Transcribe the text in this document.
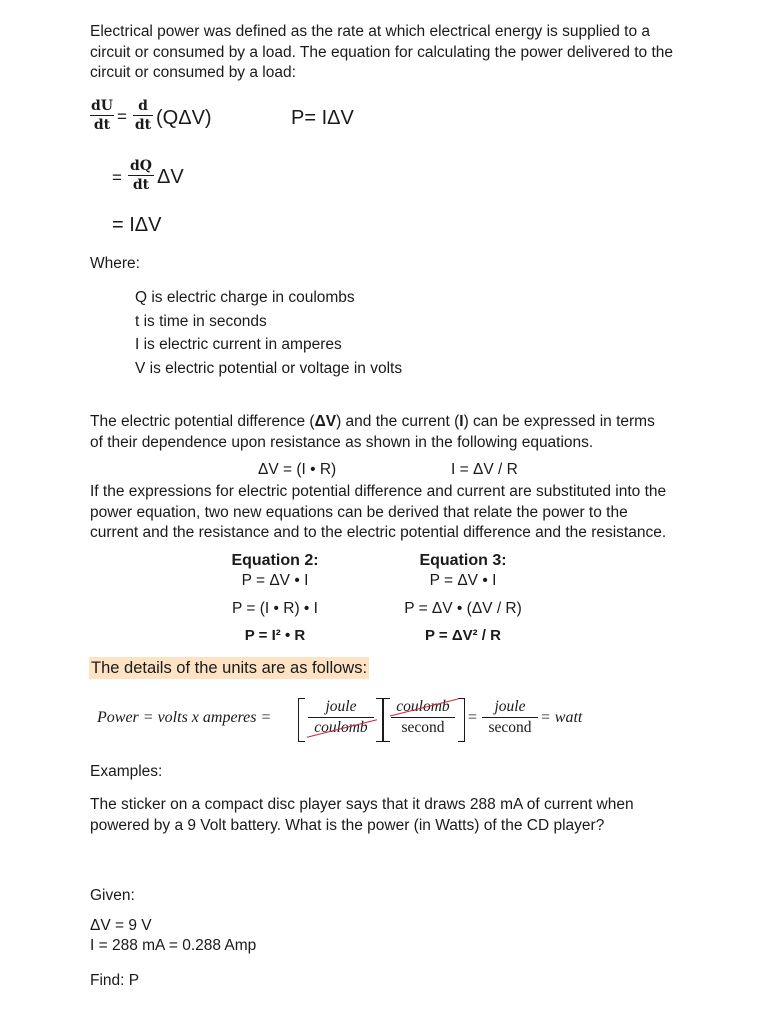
Electrical power was defined as the rate at which electrical energy is supplied to a
circuit or consumed by a load. The equation for calculating the power delivered to the
circuit or consumed by a load:
dU
dt =
d
dt (QΔV)	P= IΔV
=
dQ
dt ΔV
= IΔV
Where:
Q is electric charge in coulombs
t is time in seconds
I is electric current in amperes
V is electric potential or voltage in volts
The electric potential difference (ΔV) and the current (I) can be expressed in terms
of their dependence upon resistance as shown in the following equations.
ΔV = (I • R)	I = ΔV / R
If the expressions for electric potential difference and current are substituted into the
power equation, two new equations can be derived that relate the power to the
current and the resistance and to the electric potential difference and the resistance.
Equation 2:
P = ΔV • I
P = (I • R) • I
P = I² • R
Equation 3:
P = ΔV • I
P = ΔV • (ΔV / R)
P = ΔV² / R
The details of the units are as follows:
Power = volts x amperes =
joule
coulomb
coulomb
second
=
joule
second
= watt
Examples:
The sticker on a compact disc player says that it draws 288 mA of current when
powered by a 9 Volt battery. What is the power (in Watts) of the CD player?
Given:
ΔV = 9 V
I = 288 mA = 0.288 Amp
Find: P
